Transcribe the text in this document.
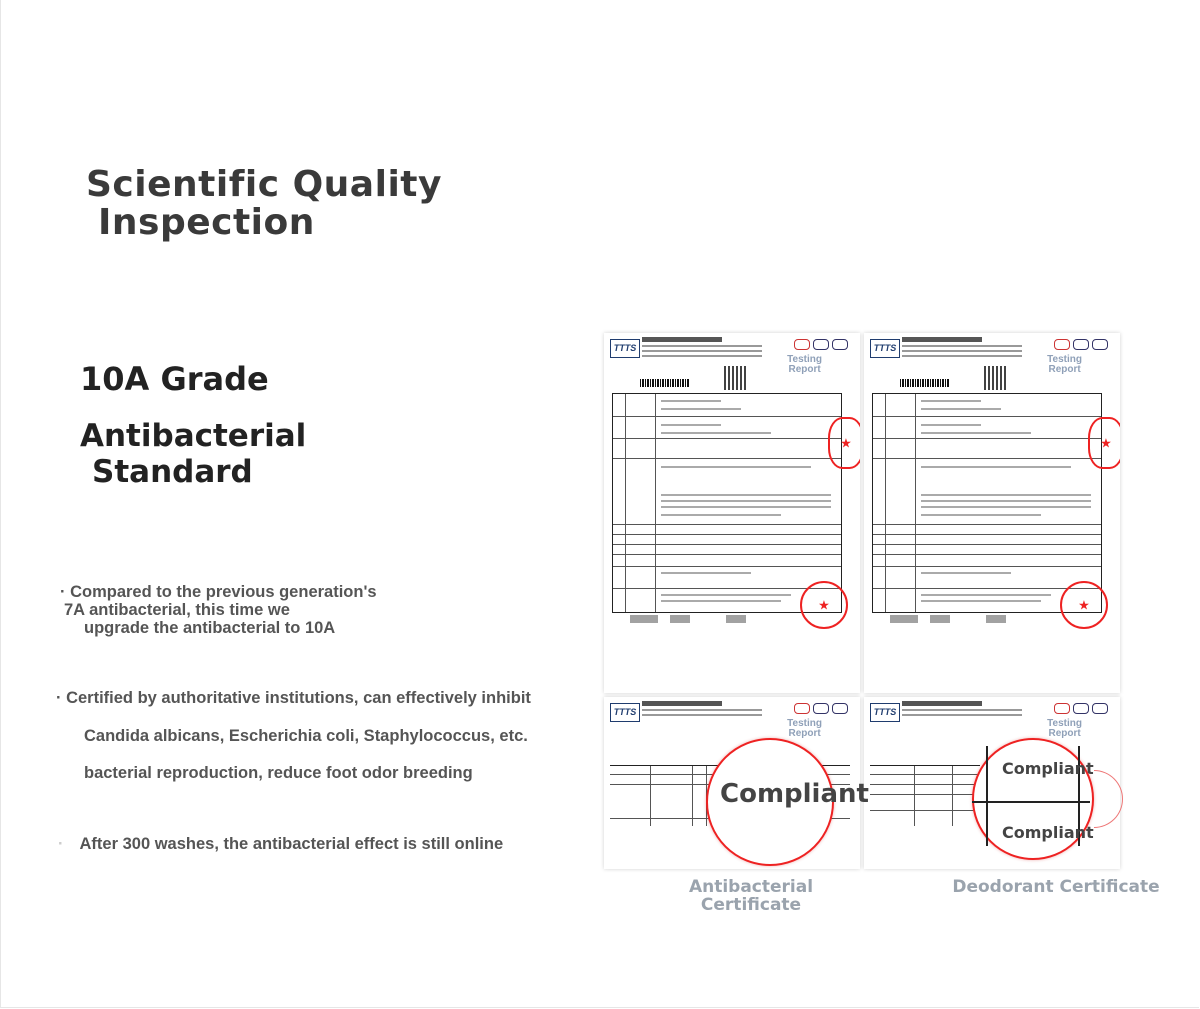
Scientific Quality
Inspection
10A Grade
Antibacterial
Standard
· Compared to the previous generation's
7A antibacterial, this time we
upgrade the antibacterial to 10A
· Certified by authoritative institutions, can effectively inhibit
Candida albicans, Escherichia coli, Staphylococcus, etc.
bacterial reproduction, reduce foot odor breeding
· After 300 washes, the antibacterial effect is still online
TTTS
Testing
Report
★
★
TTTS
Testing
Report
★
★
TTTS
Testing
Report
TTTS
Testing
Report
Compliant
Compliant
Compliant
Antibacterial
Certificate
Deodorant Certificate
